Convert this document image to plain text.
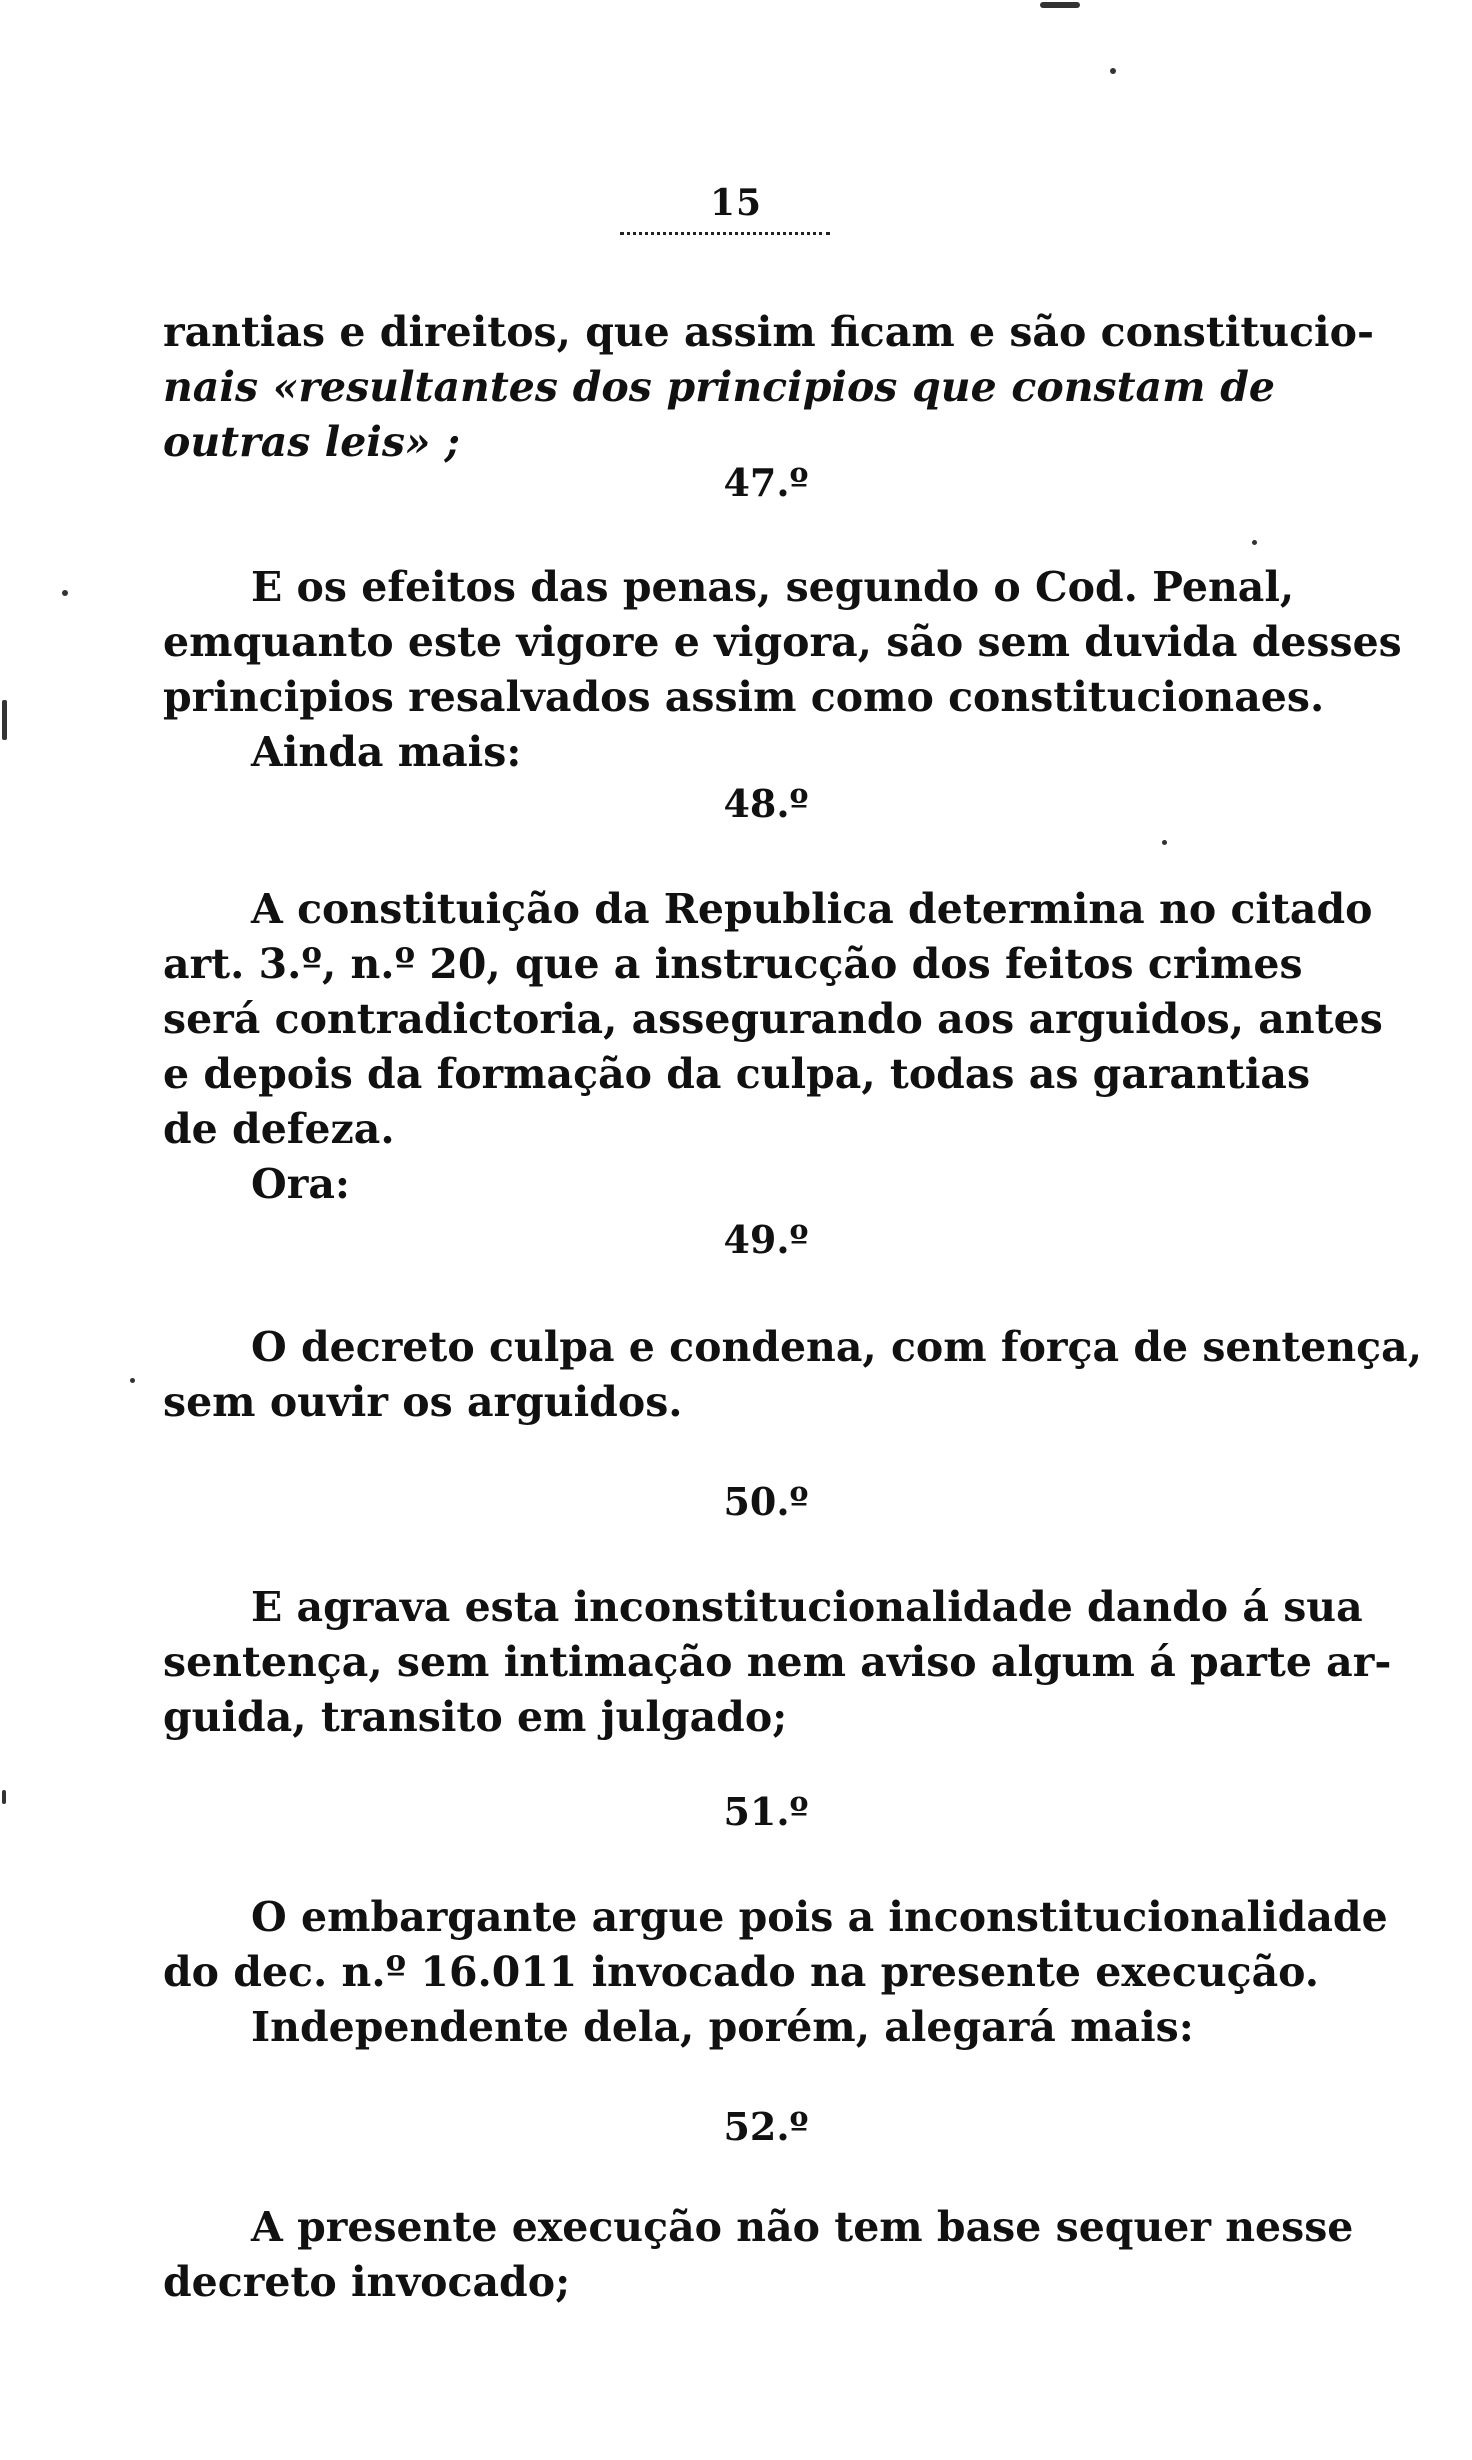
15
rantias e direitos, que assim ficam e são constitucio-
nais «resultantes dos principios que constam de
outras leis» ;
47.º
E os efeitos das penas, segundo o Cod. Penal,
emquanto este vigore e vigora, são sem duvida desses
principios resalvados assim como constitucionaes.
Ainda mais:
48.º
A constituição da Republica determina no citado
art. 3.º, n.º 20, que a instrucção dos feitos crimes
será contradictoria, assegurando aos arguidos, antes
e depois da formação da culpa, todas as garantias
de defeza.
Ora:
49.º
O decreto culpa e condena, com força de sentença,
sem ouvir os arguidos.
50.º
E agrava esta inconstitucionalidade dando á sua
sentença, sem intimação nem aviso algum á parte ar-
guida, transito em julgado;
51.º
O embargante argue pois a inconstitucionalidade
do dec. n.º 16.011 invocado na presente execução.
Independente dela, porém, alegará mais:
52.º
A presente execução não tem base sequer nesse
decreto invocado;
